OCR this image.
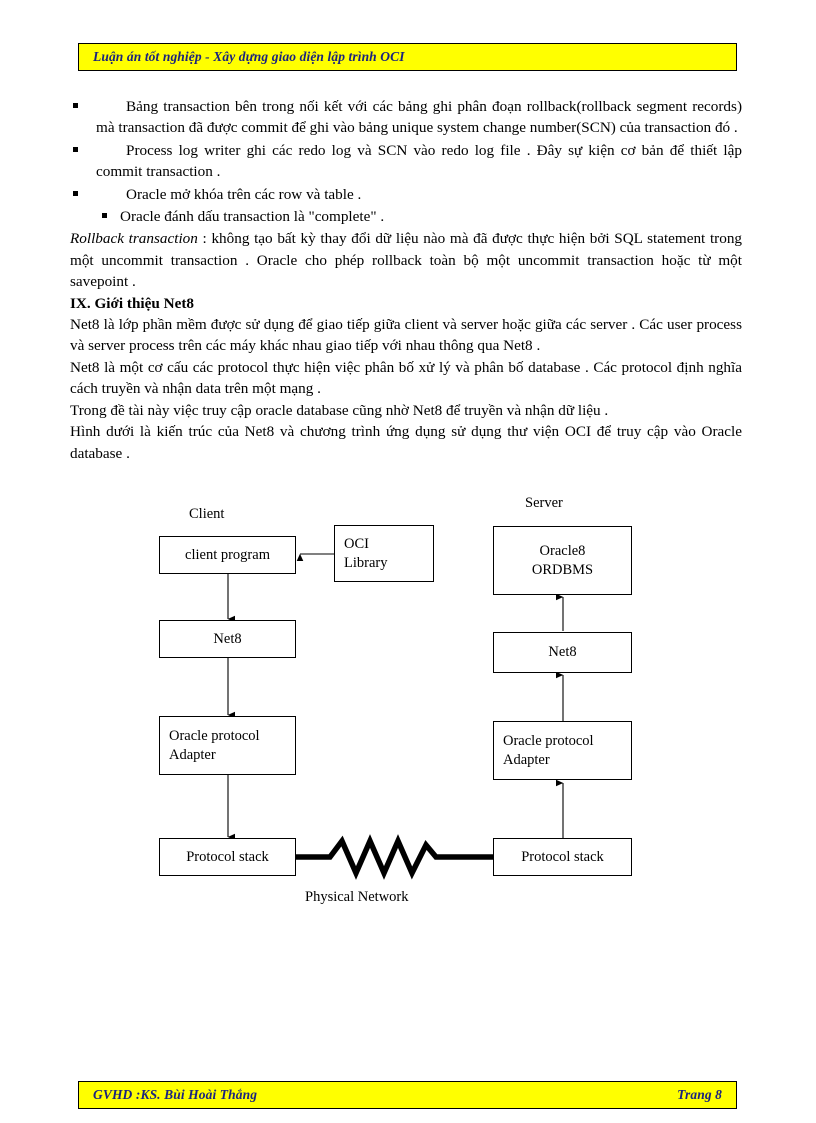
Luận án tốt nghiệp - Xây dựng giao diện lập trình OCI

Bảng transaction bên trong nối kết với các bảng ghi phân đoạn rollback(rollback segment records) mà transaction đã được commit để ghi vào bảng unique system change number(SCN) của transaction đó .

Process log writer ghi các redo log và SCN vào redo log file . Đây sự kiện cơ bản để thiết lập commit transaction .

Oracle mở khóa trên các row và table .

Oracle đánh dấu transaction là "complete" .

Rollback transaction : không tạo bất kỳ thay đổi dữ liệu nào mà đã được thực hiện bởi SQL statement trong một uncommit transaction . Oracle cho phép rollback toàn bộ một uncommit transaction hoặc từ một savepoint .

IX. Giới thiệu Net8

Net8 là lớp phần mềm được sử dụng để giao tiếp giữa client và server hoặc giữa các server . Các user process và server process trên các máy khác nhau giao tiếp với nhau thông qua Net8 .

Net8 là một cơ cấu các protocol thực hiện việc phân bố xử lý và phân bố database . Các protocol định nghĩa cách truyền và nhận data trên một mạng .

Trong đề tài này việc truy cập oracle database cũng nhờ Net8 để truyền và nhận dữ liệu .

Hình dưới là kiến trúc của Net8 và chương trình ứng dụng sử dụng thư viện OCI để truy cập vào Oracle database .

Client
Server
Physical Network
client program
OCI
Library
Net8
Oracle protocol
Adapter
Protocol stack
Oracle8
ORDBMS
Net8
Oracle protocol
Adapter
Protocol stack
GVHD :KS. Bùi Hoài Thắng	Trang 8
